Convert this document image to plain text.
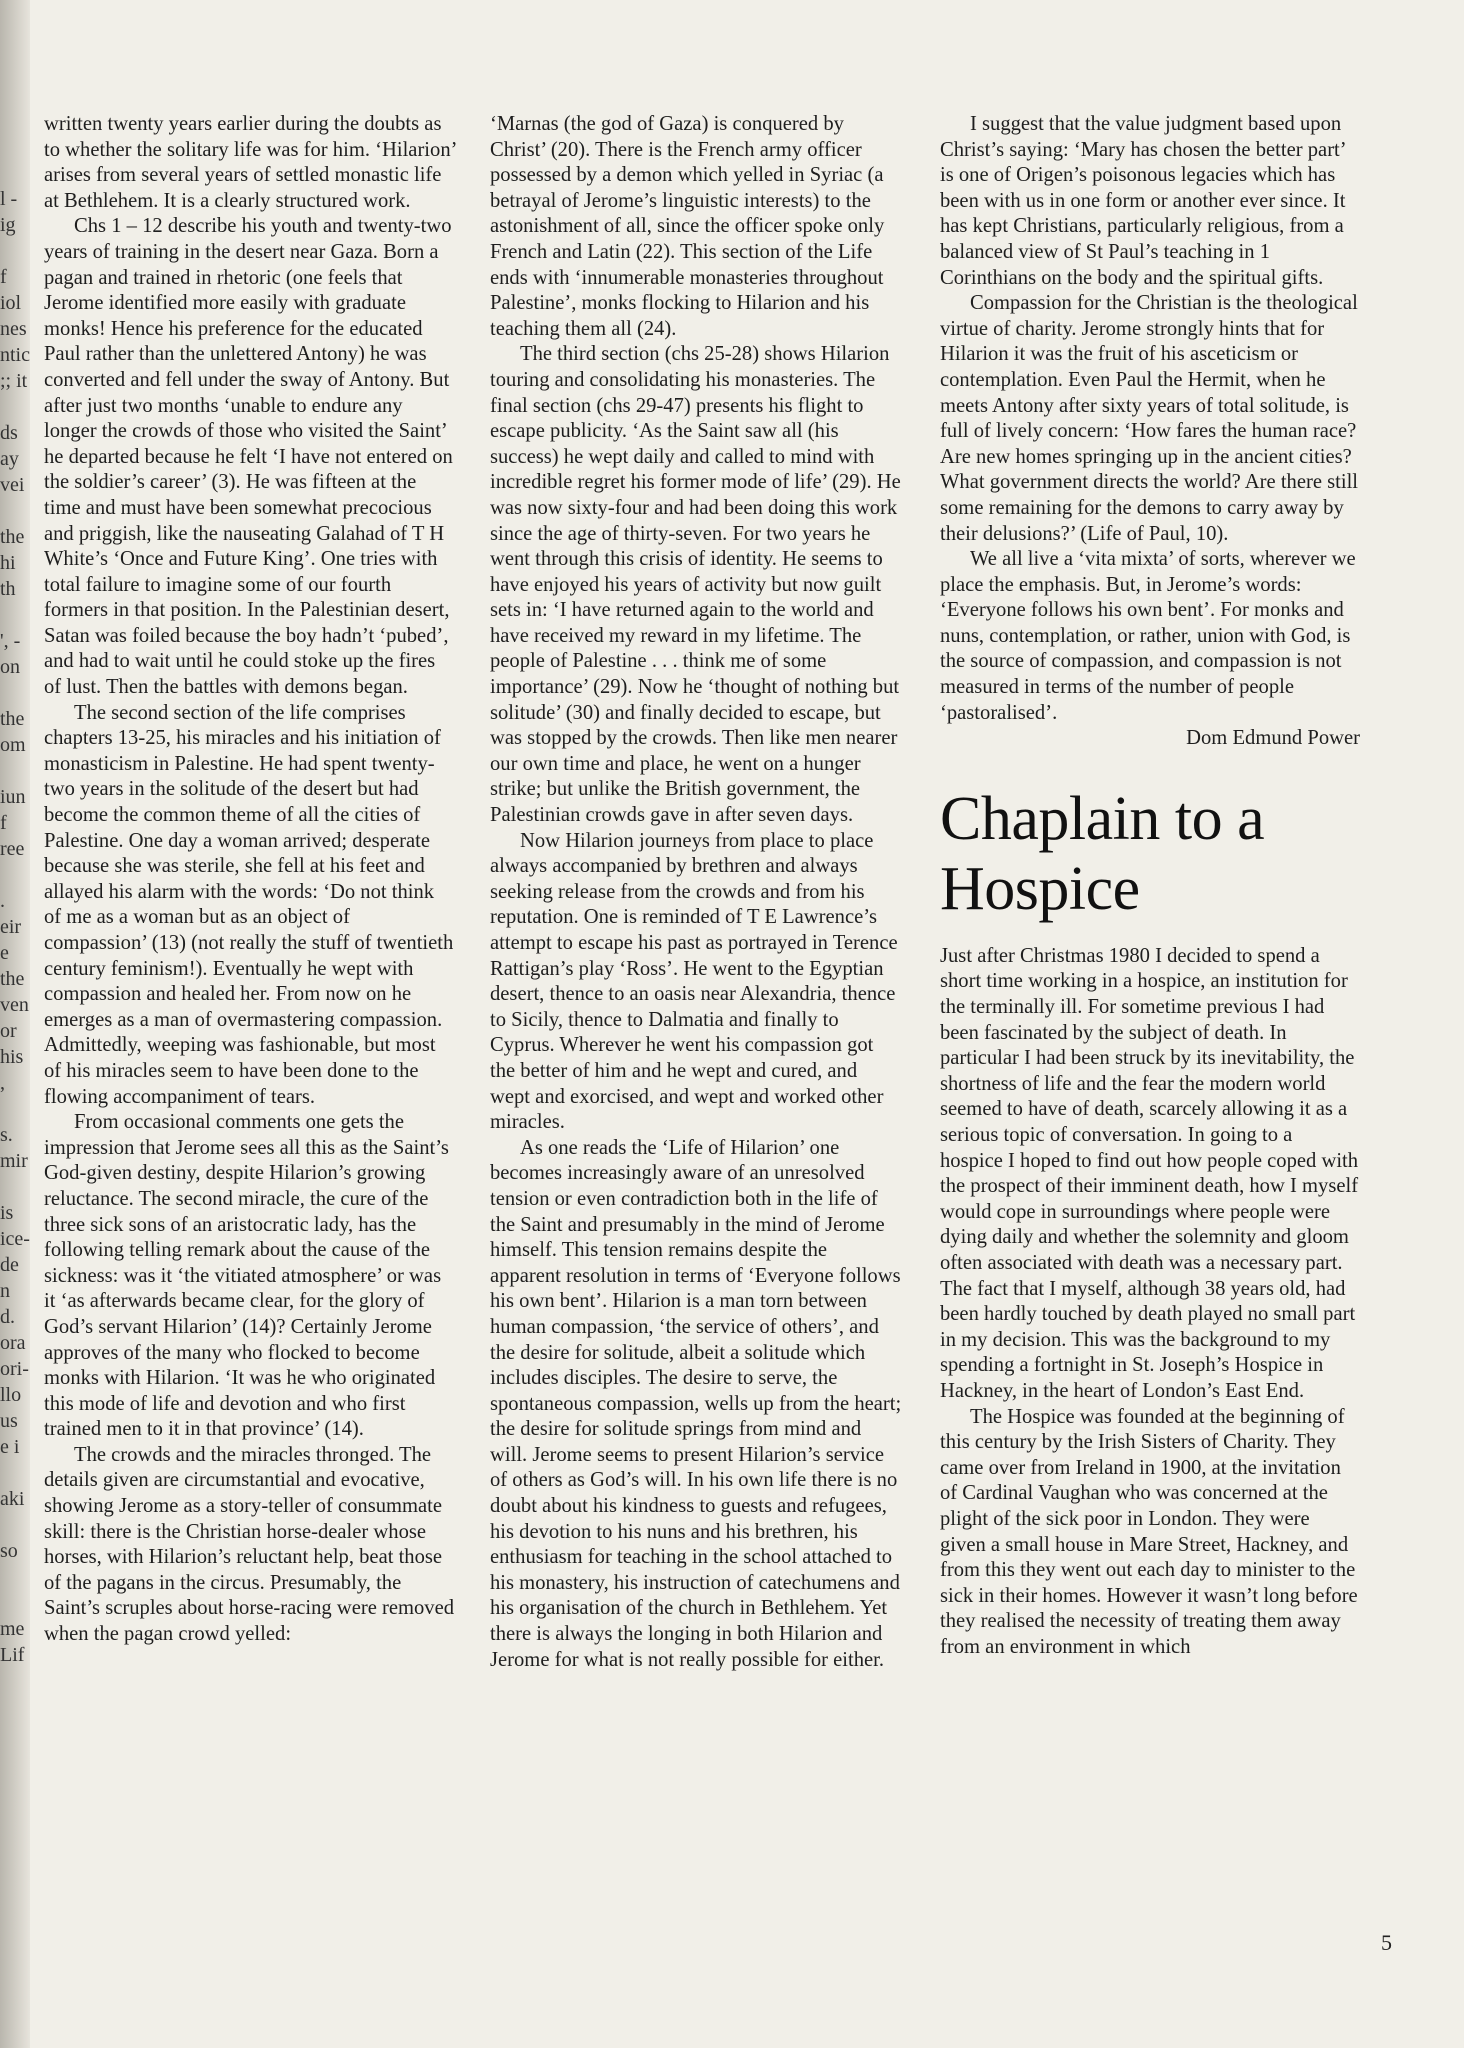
l -
ig

f
iol
nes
ntic
;; it

ds
ay
vei

the
hi
th

', -
on

the
om

iun
f
ree

.
eir
e
the
ven
or
his
,

s.
mir

is
ice-
de
n
d.
ora
ori-
llo
us
e i

aki

so

me
Lif

written twenty years earlier during the doubts as to whether the solitary life was for him. ‘Hilarion’ arises from several years of settled monastic life at Bethlehem. It is a clearly structured work.

Chs 1 – 12 describe his youth and twenty-two years of training in the desert near Gaza. Born a pagan and trained in rhetoric (one feels that Jerome identified more easily with graduate monks! Hence his preference for the educated Paul rather than the unlettered Antony) he was converted and fell under the sway of Antony. But after just two months ‘unable to endure any longer the crowds of those who visited the Saint’ he departed because he felt ‘I have not entered on the soldier’s career’ (3). He was fifteen at the time and must have been somewhat precocious and priggish, like the nauseating Galahad of T H White’s ‘Once and Future King’. One tries with total failure to imagine some of our fourth formers in that position. In the Palestinian desert, Satan was foiled because the boy hadn’t ‘pubed’, and had to wait until he could stoke up the fires of lust. Then the battles with demons began.

The second section of the life comprises chapters 13-25, his miracles and his initiation of monasticism in Palestine. He had spent twenty-two years in the solitude of the desert but had become the common theme of all the cities of Palestine. One day a woman arrived; desperate because she was sterile, she fell at his feet and allayed his alarm with the words: ‘Do not think of me as a woman but as an object of compassion’ (13) (not really the stuff of twentieth century feminism!). Eventually he wept with compassion and healed her. From now on he emerges as a man of overmastering compassion. Admittedly, weeping was fashionable, but most of his miracles seem to have been done to the flowing accompaniment of tears.

From occasional comments one gets the impression that Jerome sees all this as the Saint’s God-given destiny, despite Hilarion’s growing reluctance. The second miracle, the cure of the three sick sons of an aristocratic lady, has the following telling remark about the cause of the sickness: was it ‘the vitiated atmosphere’ or was it ‘as afterwards became clear, for the glory of God’s servant Hilarion’ (14)? Certainly Jerome approves of the many who flocked to become monks with Hilarion. ‘It was he who originated this mode of life and devotion and who first trained men to it in that province’ (14).

The crowds and the miracles thronged. The details given are circumstantial and evocative, showing Jerome as a story-teller of consummate skill: there is the Christian horse-dealer whose horses, with Hilarion’s reluctant help, beat those of the pagans in the circus. Presumably, the Saint’s scruples about horse-racing were removed when the pagan crowd yelled:

‘Marnas (the god of Gaza) is conquered by Christ’ (20). There is the French army officer possessed by a demon which yelled in Syriac (a betrayal of Jerome’s linguistic interests) to the astonishment of all, since the officer spoke only French and Latin (22). This section of the Life ends with ‘innumerable monasteries throughout Palestine’, monks flocking to Hilarion and his teaching them all (24).

The third section (chs 25-28) shows Hilarion touring and consolidating his monasteries. The final section (chs 29-47) presents his flight to escape publicity. ‘As the Saint saw all (his success) he wept daily and called to mind with incredible regret his former mode of life’ (29). He was now sixty-four and had been doing this work since the age of thirty-seven. For two years he went through this crisis of identity. He seems to have enjoyed his years of activity but now guilt sets in: ‘I have returned again to the world and have received my reward in my lifetime. The people of Palestine . . . think me of some importance’ (29). Now he ‘thought of nothing but solitude’ (30) and finally decided to escape, but was stopped by the crowds. Then like men nearer our own time and place, he went on a hunger strike; but unlike the British government, the Palestinian crowds gave in after seven days.

Now Hilarion journeys from place to place always accompanied by brethren and always seeking release from the crowds and from his reputation. One is reminded of T E Lawrence’s attempt to escape his past as portrayed in Terence Rattigan’s play ‘Ross’. He went to the Egyptian desert, thence to an oasis near Alexandria, thence to Sicily, thence to Dalmatia and finally to Cyprus. Wherever he went his compassion got the better of him and he wept and cured, and wept and exorcised, and wept and worked other miracles.

As one reads the ‘Life of Hilarion’ one becomes increasingly aware of an unresolved tension or even contradiction both in the life of the Saint and presumably in the mind of Jerome himself. This tension remains despite the apparent resolution in terms of ‘Everyone follows his own bent’. Hilarion is a man torn between human compassion, ‘the service of others’, and the desire for solitude, albeit a solitude which includes disciples. The desire to serve, the spontaneous compassion, wells up from the heart; the desire for solitude springs from mind and will. Jerome seems to present Hilarion’s service of others as God’s will. In his own life there is no doubt about his kindness to guests and refugees, his devotion to his nuns and his brethren, his enthusiasm for teaching in the school attached to his monastery, his instruction of catechumens and his organisation of the church in Bethlehem. Yet there is always the longing in both Hilarion and Jerome for what is not really possible for either.

I suggest that the value judgment based upon Christ’s saying: ‘Mary has chosen the better part’ is one of Origen’s poisonous legacies which has been with us in one form or another ever since. It has kept Christians, particularly religious, from a balanced view of St Paul’s teaching in 1 Corinthians on the body and the spiritual gifts.

Compassion for the Christian is the theological virtue of charity. Jerome strongly hints that for Hilarion it was the fruit of his asceticism or contemplation. Even Paul the Hermit, when he meets Antony after sixty years of total solitude, is full of lively concern: ‘How fares the human race? Are new homes springing up in the ancient cities? What government directs the world? Are there still some remaining for the demons to carry away by their delusions?’ (Life of Paul, 10).

We all live a ‘vita mixta’ of sorts, wherever we place the emphasis. But, in Jerome’s words: ‘Everyone follows his own bent’. For monks and nuns, contemplation, or rather, union with God, is the source of compassion, and compassion is not measured in terms of the number of people ‘pastoralised’.

Dom Edmund Power

Chaplain to a Hospice

Just after Christmas 1980 I decided to spend a short time working in a hospice, an institution for the terminally ill. For sometime previous I had been fascinated by the subject of death. In particular I had been struck by its inevitability, the shortness of life and the fear the modern world seemed to have of death, scarcely allowing it as a serious topic of conversation. In going to a hospice I hoped to find out how people coped with the prospect of their imminent death, how I myself would cope in surroundings where people were dying daily and whether the solemnity and gloom often associated with death was a necessary part. The fact that I myself, although 38 years old, had been hardly touched by death played no small part in my decision. This was the background to my spending a fortnight in St. Joseph’s Hospice in Hackney, in the heart of London’s East End.

The Hospice was founded at the beginning of this century by the Irish Sisters of Charity. They came over from Ireland in 1900, at the invitation of Cardinal Vaughan who was concerned at the plight of the sick poor in London. They were given a small house in Mare Street, Hackney, and from this they went out each day to minister to the sick in their homes. However it wasn’t long before they realised the necessity of treating them away from an environment in which

5
